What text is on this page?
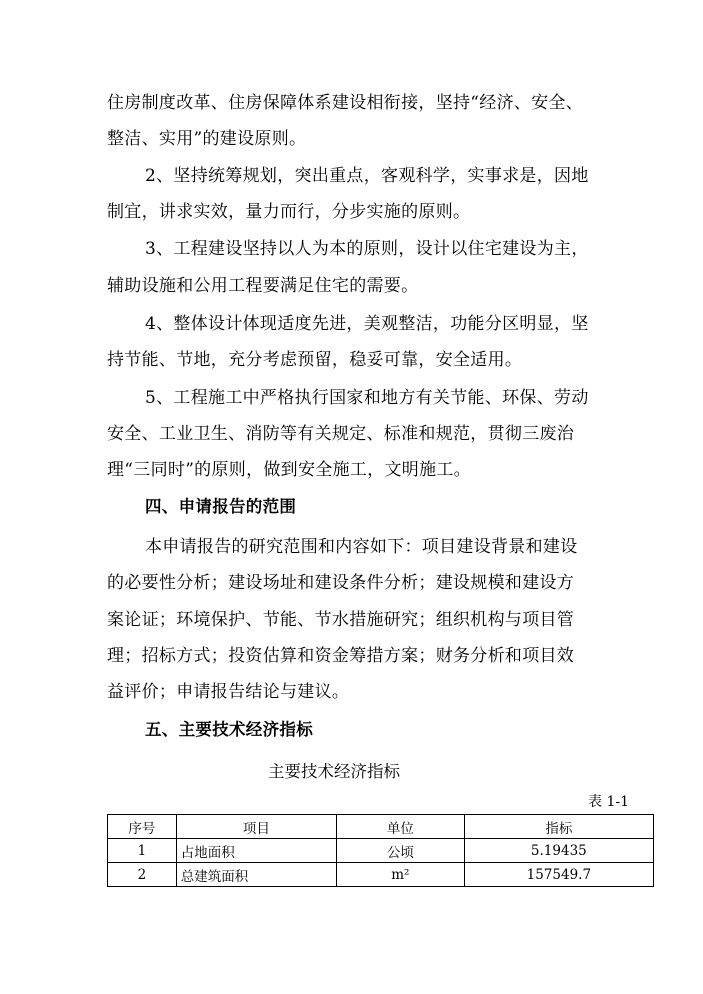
住房制度改革、住房保障体系建设相衔接，坚持“经济、安全、
整洁、实用”的建设原则。
2、坚持统筹规划，突出重点，客观科学，实事求是，因地
制宜，讲求实效，量力而行，分步实施的原则。
3、工程建设坚持以人为本的原则，设计以住宅建设为主，
辅助设施和公用工程要满足住宅的需要。
4、整体设计体现适度先进，美观整洁，功能分区明显，坚
持节能、节地，充分考虑预留，稳妥可靠，安全适用。
5、工程施工中严格执行国家和地方有关节能、环保、劳动
安全、工业卫生、消防等有关规定、标准和规范，贯彻三废治
理“三同时”的原则，做到安全施工，文明施工。
四、申请报告的范围
本申请报告的研究范围和内容如下：项目建设背景和建设
的必要性分析；建设场址和建设条件分析；建设规模和建设方
案论证；环境保护、节能、节水措施研究；组织机构与项目管
理；招标方式；投资估算和资金筹措方案；财务分析和项目效
益评价；申请报告结论与建议。
五、主要技术经济指标
主要技术经济指标
表 1-1
序号	项目	单位	指标
1	占地面积	公顷	5.19435
2	总建筑面积	m²	157549.7
